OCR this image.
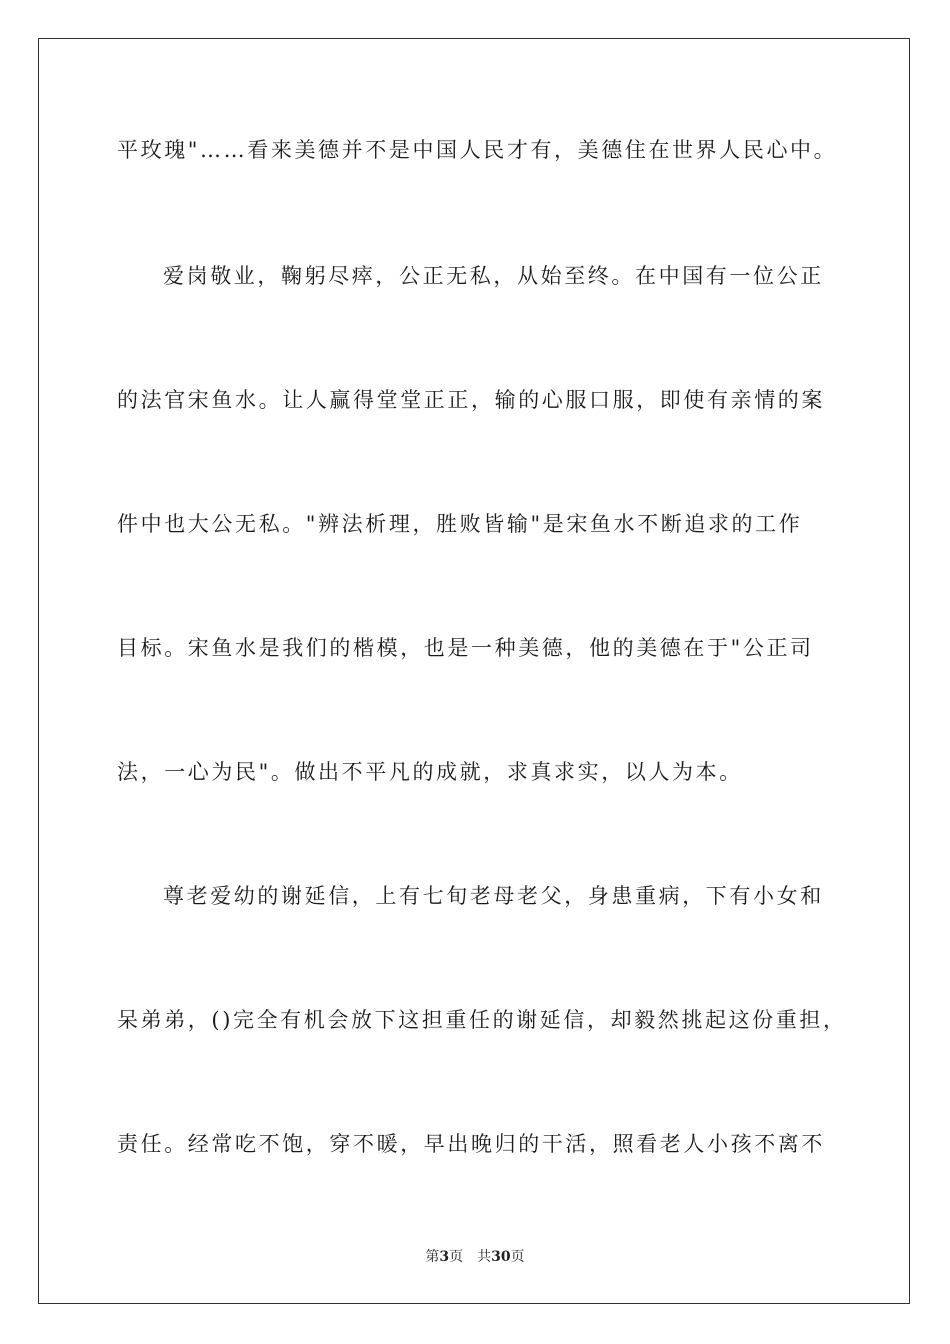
平玫瑰"……看来美德并不是中国人民才有，美德住在世界人民心中。
爱岗敬业，鞠躬尽瘁，公正无私，从始至终。在中国有一位公正
的法官宋鱼水。让人赢得堂堂正正，输的心服口服，即使有亲情的案
件中也大公无私。"辨法析理，胜败皆输"是宋鱼水不断追求的工作
目标。宋鱼水是我们的楷模，也是一种美德，他的美德在于"公正司
法，一心为民"。做出不平凡的成就，求真求实，以人为本。
尊老爱幼的谢延信，上有七旬老母老父，身患重病，下有小女和
呆弟弟，()完全有机会放下这担重任的谢延信，却毅然挑起这份重担，
责任。经常吃不饱，穿不暖，早出晚归的干活，照看老人小孩不离不
第3页 共30页
